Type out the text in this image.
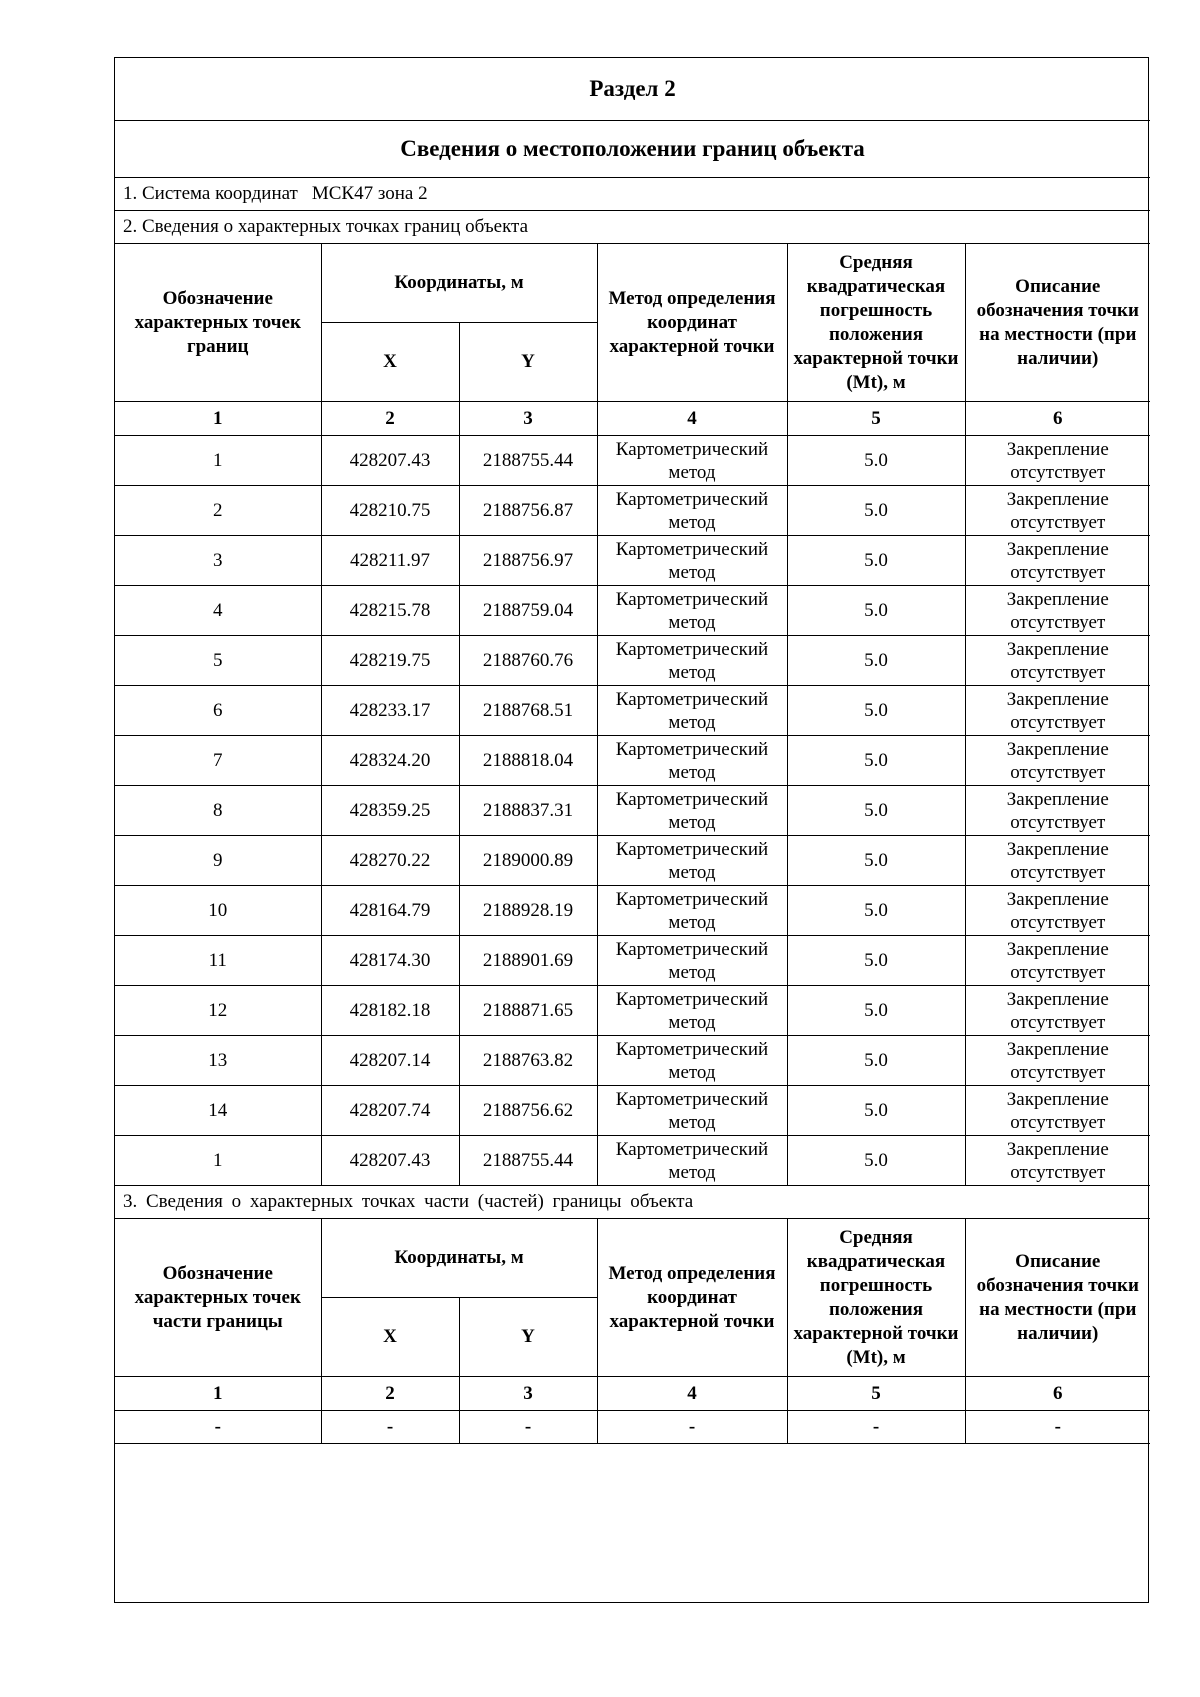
Раздел 2					
Сведения о местоположении границ объекта					
1. Система координат МСК47 зона 2					
2. Сведения о характерных точках границ объекта					
Обозначение характерных точек границ	Координаты, м		Метод определения координат характерной точки	Средняя квадратическая погрешность положения характерной точки (Mt), м	Описание обозначения точки на местности (при наличии)
	X	Y			
1	2	3	4	5	6
1	428207.43	2188755.44	Картометрический метод	5.0	Закрепление отсутствует
2	428210.75	2188756.87	Картометрический метод	5.0	Закрепление отсутствует
3	428211.97	2188756.97	Картометрический метод	5.0	Закрепление отсутствует
4	428215.78	2188759.04	Картометрический метод	5.0	Закрепление отсутствует
5	428219.75	2188760.76	Картометрический метод	5.0	Закрепление отсутствует
6	428233.17	2188768.51	Картометрический метод	5.0	Закрепление отсутствует
7	428324.20	2188818.04	Картометрический метод	5.0	Закрепление отсутствует
8	428359.25	2188837.31	Картометрический метод	5.0	Закрепление отсутствует
9	428270.22	2189000.89	Картометрический метод	5.0	Закрепление отсутствует
10	428164.79	2188928.19	Картометрический метод	5.0	Закрепление отсутствует
11	428174.30	2188901.69	Картометрический метод	5.0	Закрепление отсутствует
12	428182.18	2188871.65	Картометрический метод	5.0	Закрепление отсутствует
13	428207.14	2188763.82	Картометрический метод	5.0	Закрепление отсутствует
14	428207.74	2188756.62	Картометрический метод	5.0	Закрепление отсутствует
1	428207.43	2188755.44	Картометрический метод	5.0	Закрепление отсутствует
3. Сведения о характерных точках части (частей) границы объекта					
Обозначение характерных точек части границы	Координаты, м		Метод определения координат характерной точки	Средняя квадратическая погрешность положения характерной точки (Mt), м	Описание обозначения точки на местности (при наличии)
	X	Y			
1	2	3	4	5	6
-	-	-	-	-	-
